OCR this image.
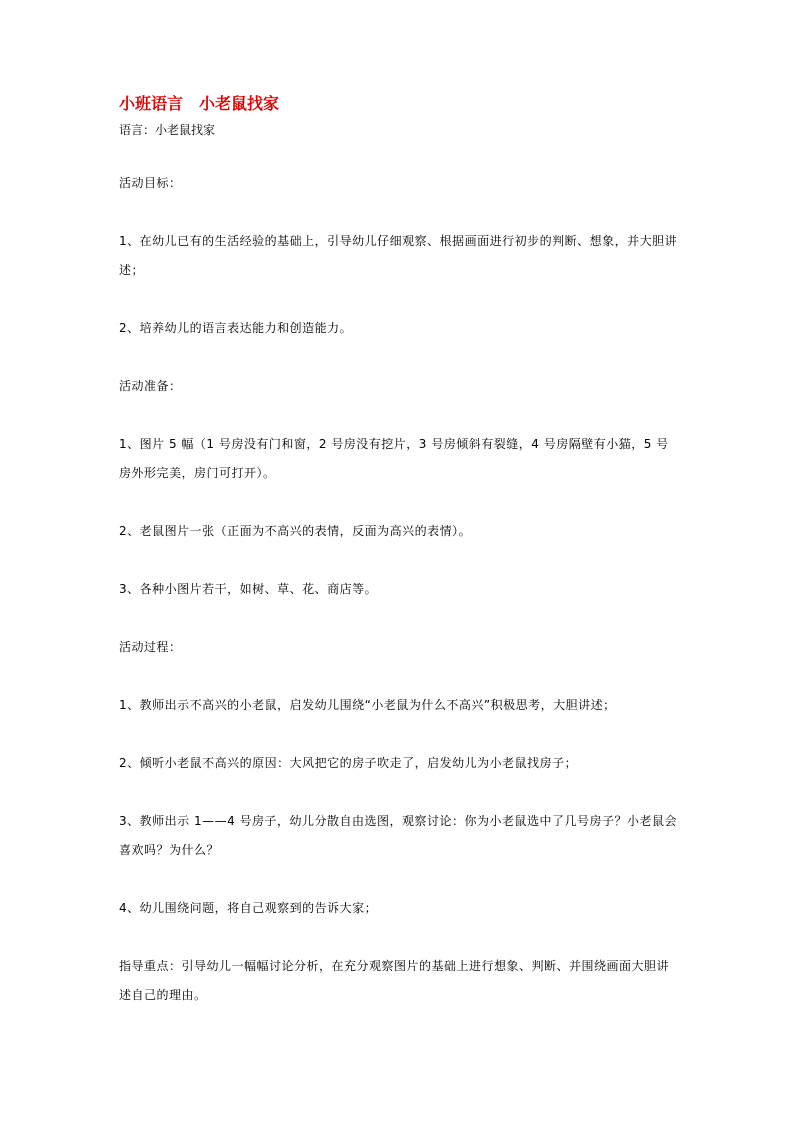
小班语言　小老鼠找家
语言：小老鼠找家

活动目标：

1、在幼儿已有的生活经验的基础上，引导幼儿仔细观察、根据画面进行初步的判断、想象，并大胆讲述；

2、培养幼儿的语言表达能力和创造能力。

活动准备：

1、图片 5 幅（1 号房没有门和窗，2 号房没有挖片，3 号房倾斜有裂缝，4 号房隔壁有小猫，5 号房外形完美，房门可打开）。

2、老鼠图片一张（正面为不高兴的表情，反面为高兴的表情）。

3、各种小图片若干，如树、草、花、商店等。

活动过程：

1、教师出示不高兴的小老鼠，启发幼儿围绕“小老鼠为什么不高兴”积极思考，大胆讲述；

2、倾听小老鼠不高兴的原因：大风把它的房子吹走了，启发幼儿为小老鼠找房子；

3、教师出示 1——4 号房子，幼儿分散自由选图，观察讨论：你为小老鼠选中了几号房子？小老鼠会喜欢吗？为什么？

4、幼儿围绕问题，将自己观察到的告诉大家；

指导重点：引导幼儿一幅幅讨论分析，在充分观察图片的基础上进行想象、判断、并围绕画面大胆讲述自己的理由。
